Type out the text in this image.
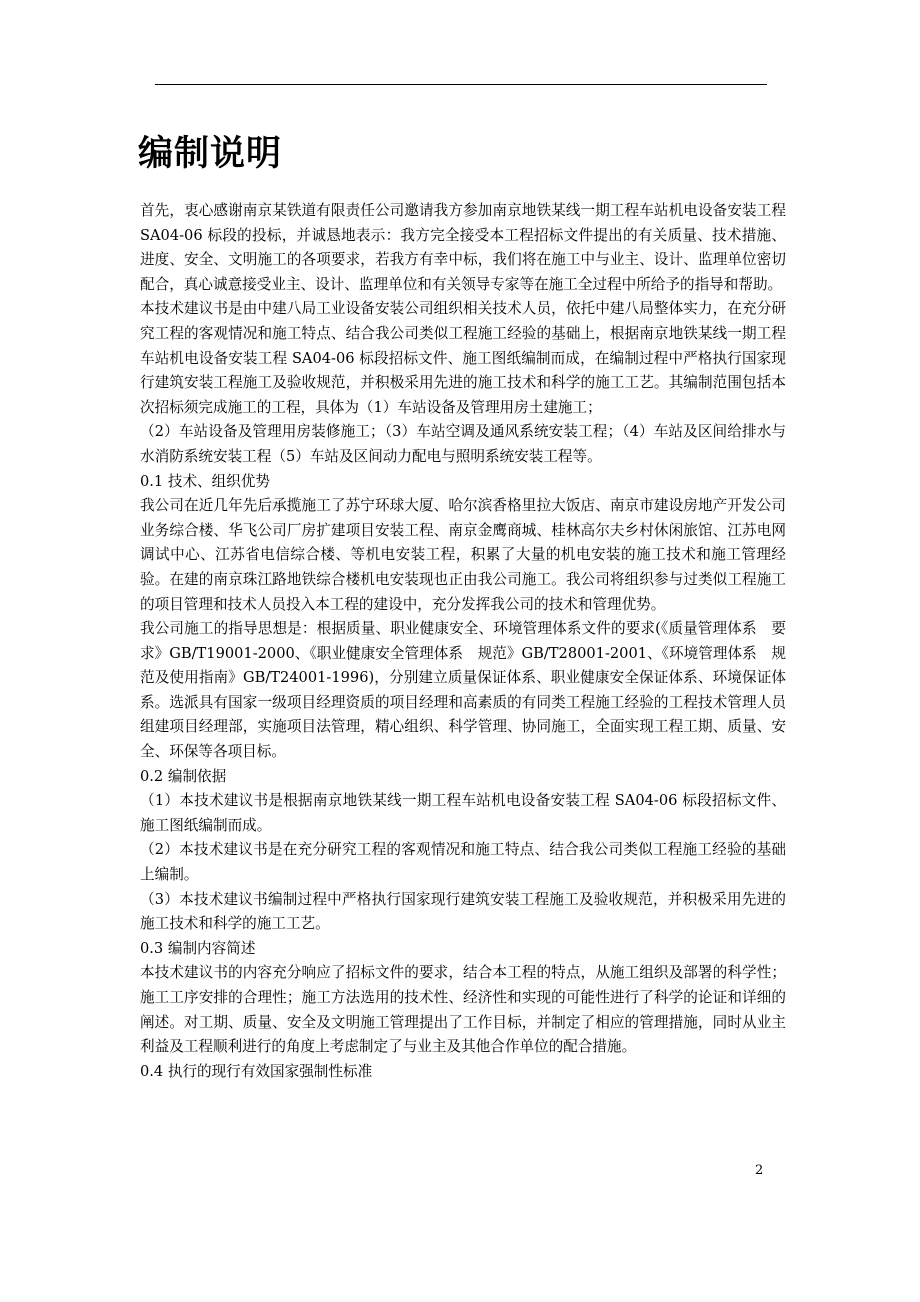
编制说明

首先，衷心感谢南京某铁道有限责任公司邀请我方参加南京地铁某线一期工程车站机电设备安装工程 SA04-06 标段的投标，并诚恳地表示：我方完全接受本工程招标文件提出的有关质量、技术措施、进度、安全、文明施工的各项要求，若我方有幸中标，我们将在施工中与业主、设计、监理单位密切配合，真心诚意接受业主、设计、监理单位和有关领导专家等在施工全过程中所给予的指导和帮助。

本技术建议书是由中建八局工业设备安装公司组织相关技术人员，依托中建八局整体实力，在充分研究工程的客观情况和施工特点、结合我公司类似工程施工经验的基础上，根据南京地铁某线一期工程车站机电设备安装工程 SA04-06 标段招标文件、施工图纸编制而成，在编制过程中严格执行国家现行建筑安装工程施工及验收规范，并积极采用先进的施工技术和科学的施工工艺。其编制范围包括本次招标须完成施工的工程，具体为（1）车站设备及管理用房土建施工；

（2）车站设备及管理用房装修施工；（3）车站空调及通风系统安装工程；（4）车站及区间给排水与水消防系统安装工程（5）车站及区间动力配电与照明系统安装工程等。

0.1 技术、组织优势

我公司在近几年先后承揽施工了苏宁环球大厦、哈尔滨香格里拉大饭店、南京市建设房地产开发公司业务综合楼、华飞公司厂房扩建项目安装工程、南京金鹰商城、桂林高尔夫乡村休闲旅馆、江苏电网调试中心、江苏省电信综合楼、等机电安装工程，积累了大量的机电安装的施工技术和施工管理经验。在建的南京珠江路地铁综合楼机电安装现也正由我公司施工。我公司将组织参与过类似工程施工的项目管理和技术人员投入本工程的建设中，充分发挥我公司的技术和管理优势。

我公司施工的指导思想是：根据质量、职业健康安全、环境管理体系文件的要求(《质量管理体系　要求》GB/T19001-2000、《职业健康安全管理体系　规范》GB/T28001-2001、《环境管理体系　规范及使用指南》GB/T24001-1996)，分别建立质量保证体系、职业健康安全保证体系、环境保证体系。选派具有国家一级项目经理资质的项目经理和高素质的有同类工程施工经验的工程技术管理人员组建项目经理部，实施项目法管理，精心组织、科学管理、协同施工，全面实现工程工期、质量、安全、环保等各项目标。

0.2 编制依据

（1）本技术建议书是根据南京地铁某线一期工程车站机电设备安装工程 SA04-06 标段招标文件、施工图纸编制而成。

（2）本技术建议书是在充分研究工程的客观情况和施工特点、结合我公司类似工程施工经验的基础上编制。

（3）本技术建议书编制过程中严格执行国家现行建筑安装工程施工及验收规范，并积极采用先进的施工技术和科学的施工工艺。

0.3 编制内容简述

本技术建议书的内容充分响应了招标文件的要求，结合本工程的特点，从施工组织及部署的科学性；施工工序安排的合理性；施工方法选用的技术性、经济性和实现的可能性进行了科学的论证和详细的阐述。对工期、质量、安全及文明施工管理提出了工作目标，并制定了相应的管理措施，同时从业主利益及工程顺利进行的角度上考虑制定了与业主及其他合作单位的配合措施。

0.4 执行的现行有效国家强制性标准

2
